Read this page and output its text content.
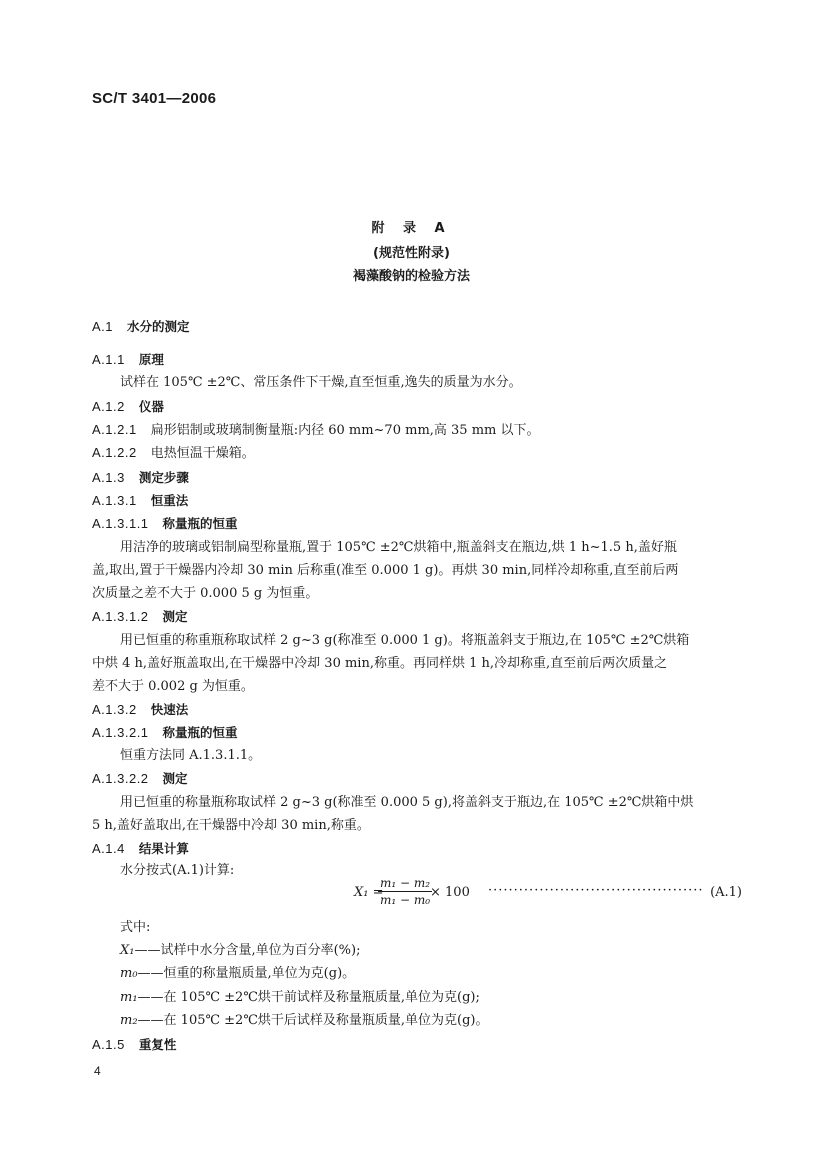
SC/T 3401—2006
附 录 A
(规范性附录)
褐藻酸钠的检验方法
A.1 水分的测定
A.1.1 原理
试样在 105℃ ±2℃、常压条件下干燥,直至恒重,逸失的质量为水分。
A.1.2 仪器
A.1.2.1 扁形铝制或玻璃制衡量瓶:内径 60 mm~70 mm,高 35 mm 以下。
A.1.2.2 电热恒温干燥箱。
A.1.3 测定步骤
A.1.3.1 恒重法
A.1.3.1.1 称量瓶的恒重
用洁净的玻璃或铝制扁型称量瓶,置于 105℃ ±2℃烘箱中,瓶盖斜支在瓶边,烘 1 h~1.5 h,盖好瓶
盖,取出,置于干燥器内冷却 30 min 后称重(准至 0.000 1 g)。再烘 30 min,同样冷却称重,直至前后两
次质量之差不大于 0.000 5 g 为恒重。
A.1.3.1.2 测定
用已恒重的称重瓶称取试样 2 g~3 g(称准至 0.000 1 g)。将瓶盖斜支于瓶边,在 105℃ ±2℃烘箱
中烘 4 h,盖好瓶盖取出,在干燥器中冷却 30 min,称重。再同样烘 1 h,冷却称重,直至前后两次质量之
差不大于 0.002 g 为恒重。
A.1.3.2 快速法
A.1.3.2.1 称量瓶的恒重
恒重方法同 A.1.3.1.1。
A.1.3.2.2 测定
用已恒重的称量瓶称取试样 2 g~3 g(称准至 0.000 5 g),将盖斜支于瓶边,在 105℃ ±2℃烘箱中烘
5 h,盖好盖取出,在干燥器中冷却 30 min,称重。
A.1.4 结果计算
水分按式(A.1)计算:
X₁ =
$\frac{\text{m₁ − m₂}}{\text{m₁ − m₀}}$
× 100 ·········································· (A.1)
式中:
X₁——试样中水分含量,单位为百分率(%);
m₀——恒重的称量瓶质量,单位为克(g)。
m₁——在 105℃ ±2℃烘干前试样及称量瓶质量,单位为克(g);
m₂——在 105℃ ±2℃烘干后试样及称量瓶质量,单位为克(g)。
A.1.5 重复性
4
